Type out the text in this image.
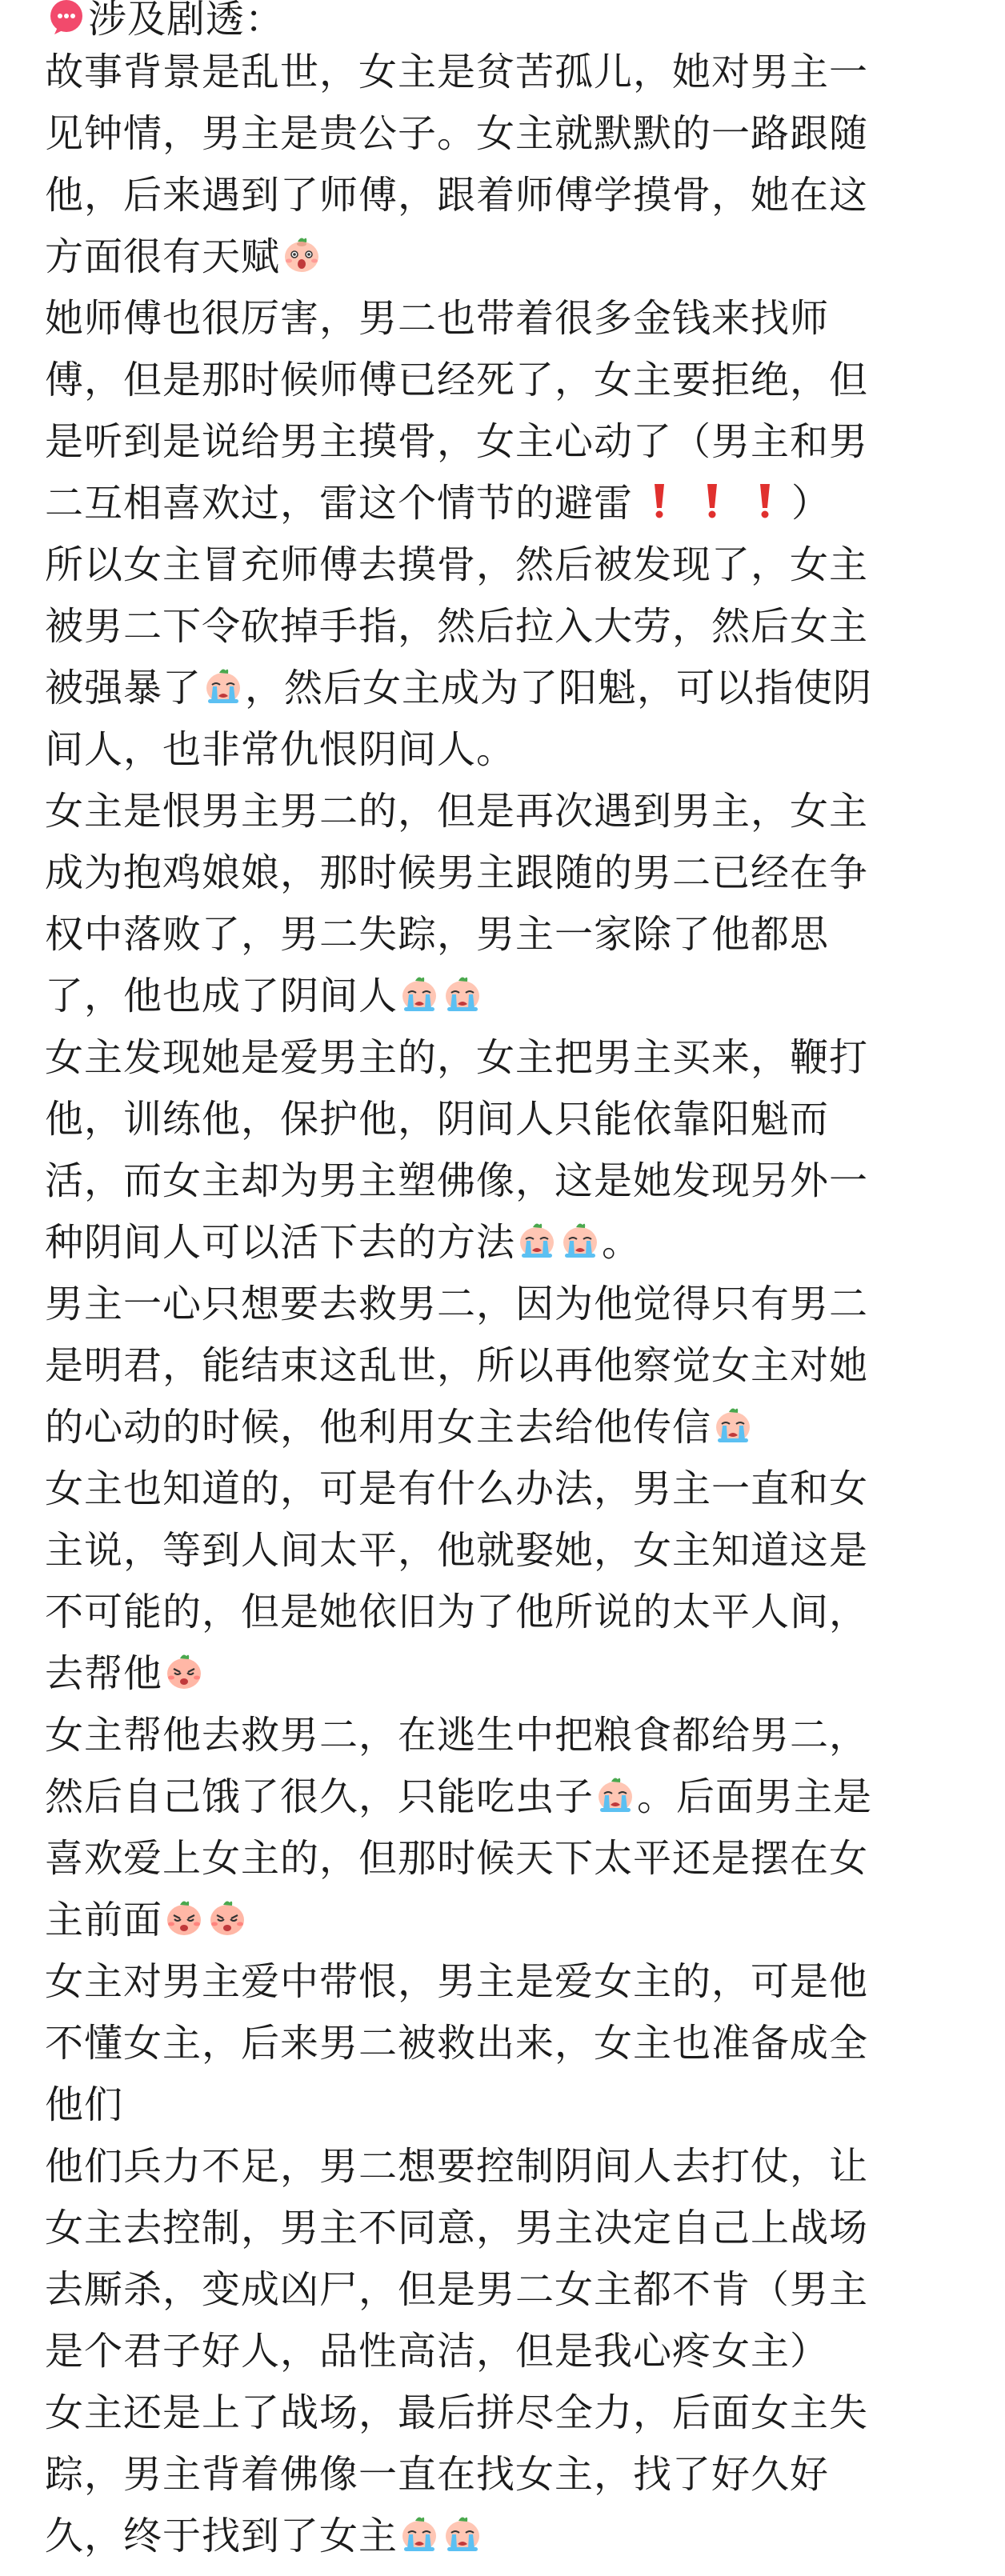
涉及剧透：
故事背景是乱世，女主是贫苦孤儿，她对男主一
见钟情，男主是贵公子。女主就默默的一路跟随
他，后来遇到了师傅，跟着师傅学摸骨，她在这
方面很有天赋
她师傅也很厉害，男二也带着很多金钱来找师
傅，但是那时候师傅已经死了，女主要拒绝，但
是听到是说给男主摸骨，女主心动了（男主和男
二互相喜欢过，雷这个情节的避雷	）
所以女主冒充师傅去摸骨，然后被发现了，女主
被男二下令砍掉手指，然后拉入大劳，然后女主
被强暴了 ，然后女主成为了阳魁，可以指使阴
间人，也非常仇恨阴间人。
女主是恨男主男二的，但是再次遇到男主，女主
成为抱鸡娘娘，那时候男主跟随的男二已经在争
权中落败了，男二失踪，男主一家除了他都思
了，他也成了阴间人
女主发现她是爱男主的，女主把男主买来，鞭打
他，训练他，保护他，阴间人只能依靠阳魁而
活，而女主却为男主塑佛像，这是她发现另外一
种阴间人可以活下去的方法 。
男主一心只想要去救男二，因为他觉得只有男二
是明君，能结束这乱世，所以再他察觉女主对她
的心动的时候，他利用女主去给他传信
女主也知道的，可是有什么办法，男主一直和女
主说，等到人间太平，他就娶她，女主知道这是
不可能的，但是她依旧为了他所说的太平人间，
去帮他
女主帮他去救男二，在逃生中把粮食都给男二，
然后自己饿了很久，只能吃虫子 。后面男主是
喜欢爱上女主的，但那时候天下太平还是摆在女
主前面
女主对男主爱中带恨，男主是爱女主的，可是他
不懂女主，后来男二被救出来，女主也准备成全
他们
他们兵力不足，男二想要控制阴间人去打仗，让
女主去控制，男主不同意，男主决定自己上战场
去厮杀，变成凶尸，但是男二女主都不肯（男主
是个君子好人，品性高洁，但是我心疼女主）
女主还是上了战场，最后拼尽全力，后面女主失
踪，男主背着佛像一直在找女主，找了好久好
久，终于找到了女主
